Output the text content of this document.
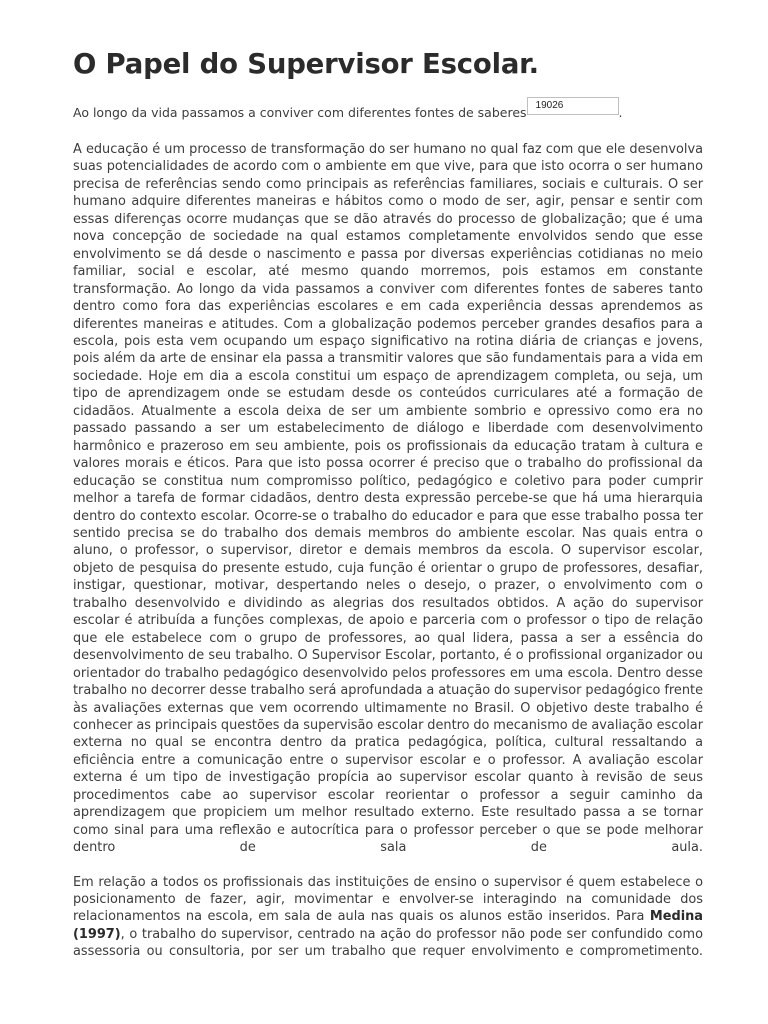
O Papel do Supervisor Escolar.
Ao longo da vida passamos a conviver com diferentes fontes de saberes 19026	.

A educação é um processo de transformação do ser humano no qual faz com que ele desenvolva suas potencialidades de acordo com o ambiente em que vive, para que isto ocorra o ser humano precisa de referências sendo como principais as referências familiares, sociais e culturais. O ser humano adquire diferentes maneiras e hábitos como o modo de ser, agir, pensar e sentir com essas diferenças ocorre mudanças que se dão através do processo de globalização; que é uma nova concepção de sociedade na qual estamos completamente envolvidos sendo que esse envolvimento se dá desde o nascimento e passa por diversas experiências cotidianas no meio familiar, social e escolar, até mesmo quando morremos, pois estamos em constante transformação. Ao longo da vida passamos a conviver com diferentes fontes de saberes tanto dentro como fora das experiências escolares e em cada experiência dessas aprendemos as diferentes maneiras e atitudes. Com a globalização podemos perceber grandes desafios para a escola, pois esta vem ocupando um espaço significativo na rotina diária de crianças e jovens, pois além da arte de ensinar ela passa a transmitir valores que são fundamentais para a vida em sociedade. Hoje em dia a escola constitui um espaço de aprendizagem completa, ou seja, um tipo de aprendizagem onde se estudam desde os conteúdos curriculares até a formação de cidadãos. Atualmente a escola deixa de ser um ambiente sombrio e opressivo como era no passado passando a ser um estabelecimento de diálogo e liberdade com desenvolvimento harmônico e prazeroso em seu ambiente, pois os profissionais da educação tratam à cultura e valores morais e éticos. Para que isto possa ocorrer é preciso que o trabalho do profissional da educação se constitua num compromisso político, pedagógico e coletivo para poder cumprir melhor a tarefa de formar cidadãos, dentro desta expressão percebe-se que há uma hierarquia dentro do contexto escolar. Ocorre-se o trabalho do educador e para que esse trabalho possa ter sentido precisa se do trabalho dos demais membros do ambiente escolar. Nas quais entra o aluno, o professor, o supervisor, diretor e demais membros da escola. O supervisor escolar, objeto de pesquisa do presente estudo, cuja função é orientar o grupo de professores, desafiar, instigar, questionar, motivar, despertando neles o desejo, o prazer, o envolvimento com o trabalho desenvolvido e dividindo as alegrias dos resultados obtidos. A ação do supervisor escolar é atribuída a funções complexas, de apoio e parceria com o professor o tipo de relação que ele estabelece com o grupo de professores, ao qual lidera, passa a ser a essência do desenvolvimento de seu trabalho. O Supervisor Escolar, portanto, é o profissional organizador ou orientador do trabalho pedagógico desenvolvido pelos professores em uma escola. Dentro desse trabalho no decorrer desse trabalho será aprofundada a atuação do supervisor pedagógico frente às avaliações externas que vem ocorrendo ultimamente no Brasil. O objetivo deste trabalho é conhecer as principais questões da supervisão escolar dentro do mecanismo de avaliação escolar externa no qual se encontra dentro da pratica pedagógica, política, cultural ressaltando a eficiência entre a comunicação entre o supervisor escolar e o professor. A avaliação escolar externa é um tipo de investigação propícia ao supervisor escolar quanto à revisão de seus procedimentos cabe ao supervisor escolar reorientar o professor a seguir caminho da aprendizagem que propiciem um melhor resultado externo. Este resultado passa a se tornar como sinal para uma reflexão e autocrítica para o professor perceber o que se pode melhorar dentro de sala de aula.

Em relação a todos os profissionais das instituições de ensino o supervisor é quem estabelece o posicionamento de fazer, agir, movimentar e envolver-se interagindo na comunidade dos relacionamentos na escola, em sala de aula nas quais os alunos estão inseridos. Para Medina (1997), o trabalho do supervisor, centrado na ação do professor não pode ser confundido como assessoria ou consultoria, por ser um trabalho que requer envolvimento e comprometimento.
